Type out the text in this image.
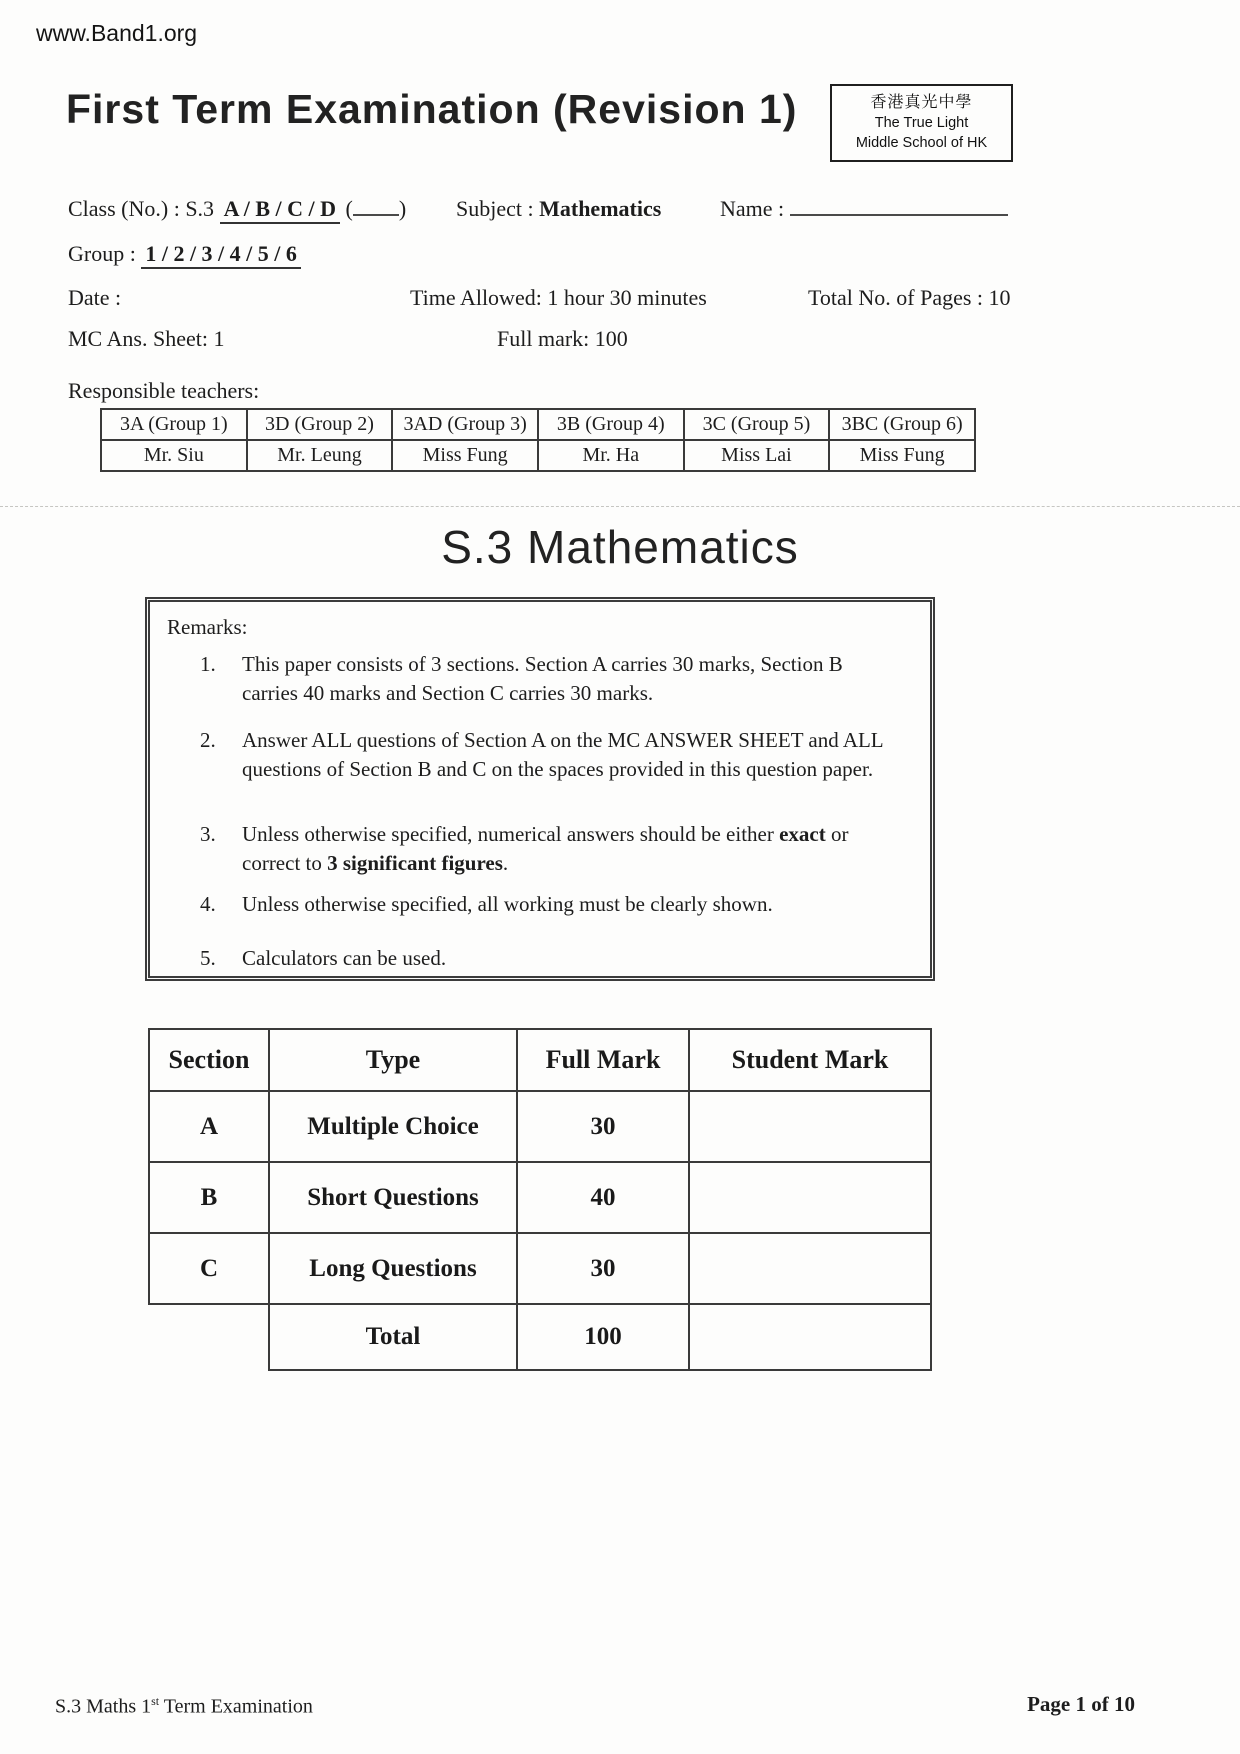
www.Band1.org
First Term Examination (Revision 1)	香港真光中學
The True Light
Middle School of HK
Class (No.) : S.3 A / B / C / D ( ) Subject : Mathematics	Name :
Group : 1 / 2 / 3 / 4 / 5 / 6
Date :	Time Allowed: 1 hour 30 minutes	Total No. of Pages : 10
MC Ans. Sheet: 1	Full mark: 100
Responsible teachers:
3A (Group 1)	3D (Group 2)	3AD (Group 3)	3B (Group 4)	3C (Group 5)	3BC (Group 6)
Mr. Siu	Mr. Leung	Miss Fung	Mr. Ha	Miss Lai	Miss Fung
S.3 Mathematics
Remarks:
1.	This paper consists of 3 sections. Section A carries 30 marks, Section B carries 40 marks and Section C carries 30 marks.
2.	Answer ALL questions of Section A on the MC ANSWER SHEET and ALL questions of Section B and C on the spaces provided in this question paper.
3.	Unless otherwise specified, numerical answers should be either exact or correct to 3 significant figures.
4.	Unless otherwise specified, all working must be clearly shown.
5.	Calculators can be used.
Section	Type	Full Mark	Student Mark
A	Multiple Choice	30	
B	Short Questions	40	
C	Long Questions	30	
	Total	100	
S.3 Maths 1st Term Examination	Page 1 of 10
